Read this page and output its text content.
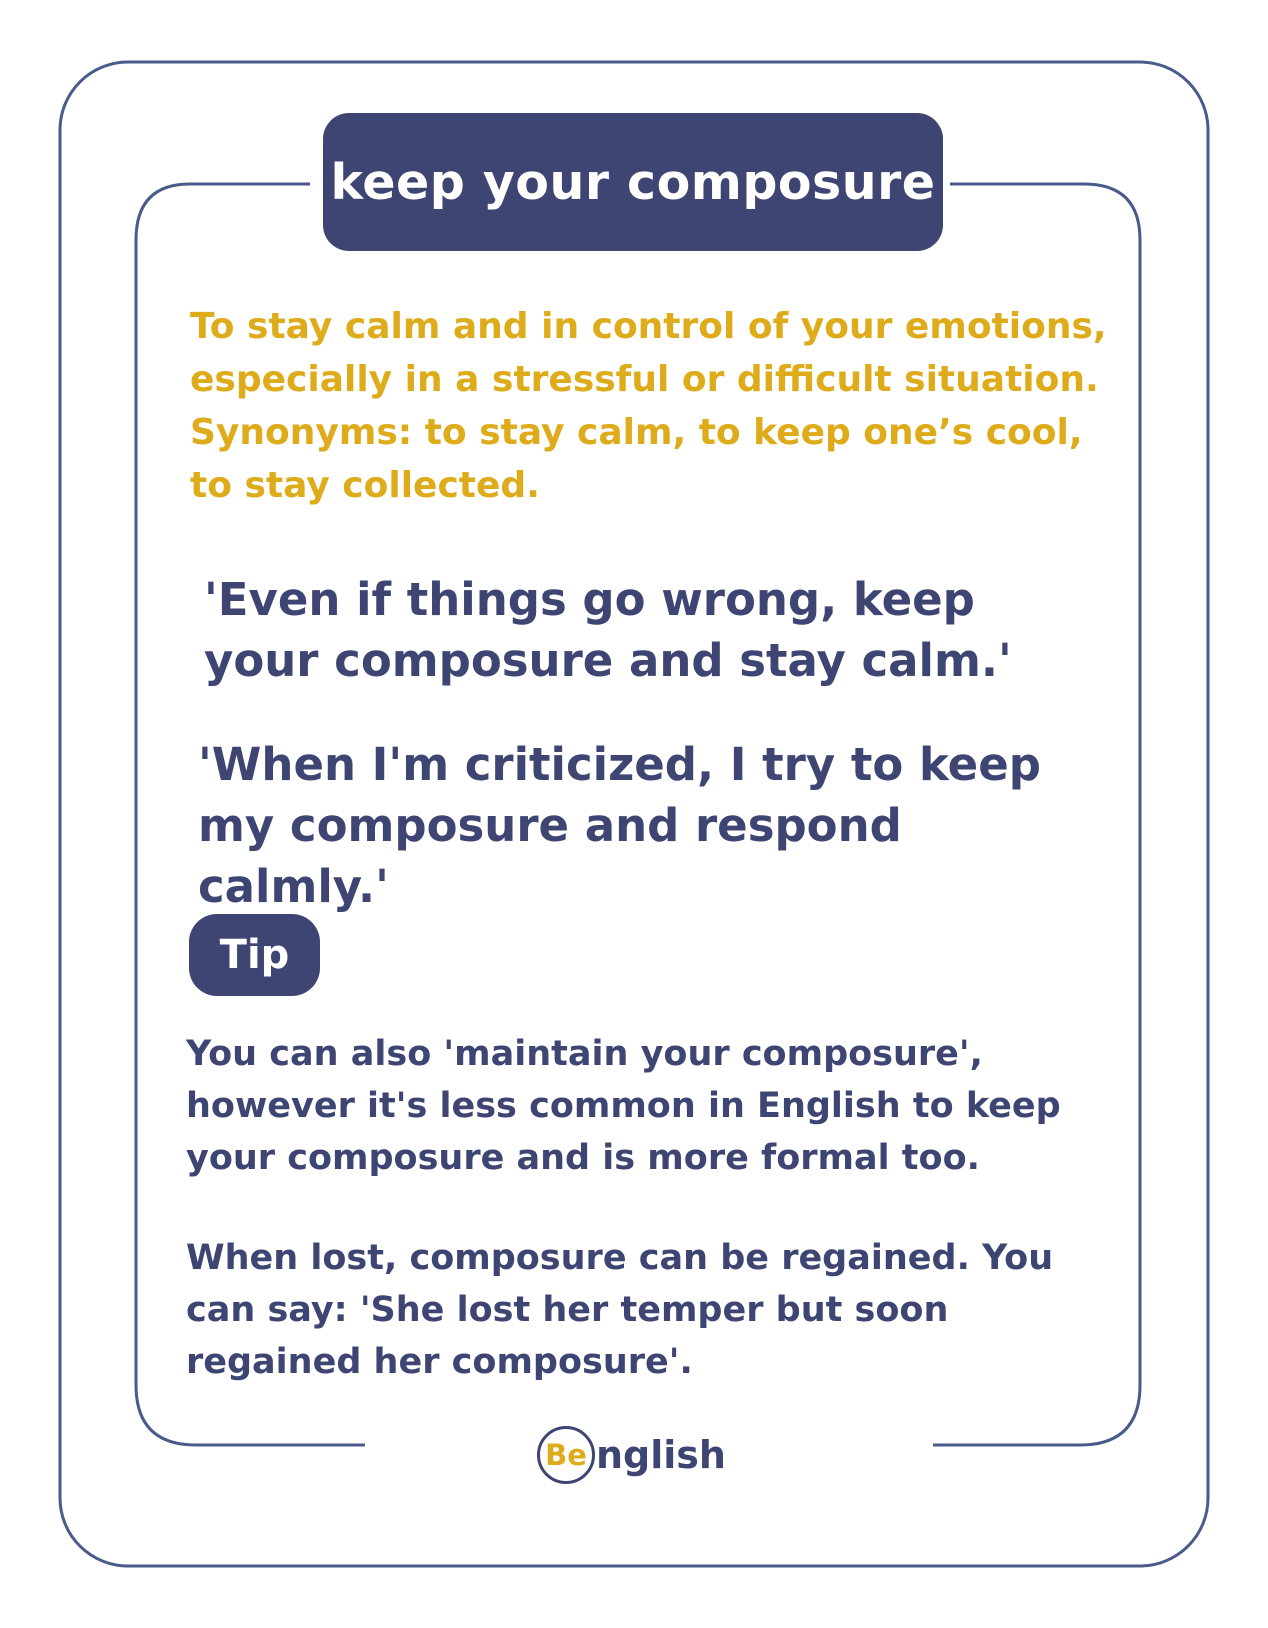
keep your composure

To stay calm and in control of your emotions, especially in a stressful or difficult situation.

Synonyms: to stay calm, to keep one’s cool, to stay collected.

'Even if things go wrong, keep your composure and stay calm.'

'When I'm criticized, I try to keep my composure and respond calmly.'

Tip

You can also 'maintain your composure', however it's less common in English to keep your composure and is more formal too.

When lost, composure can be regained. You can say: 'She lost her temper but soon regained her composure'.

Be nglish
